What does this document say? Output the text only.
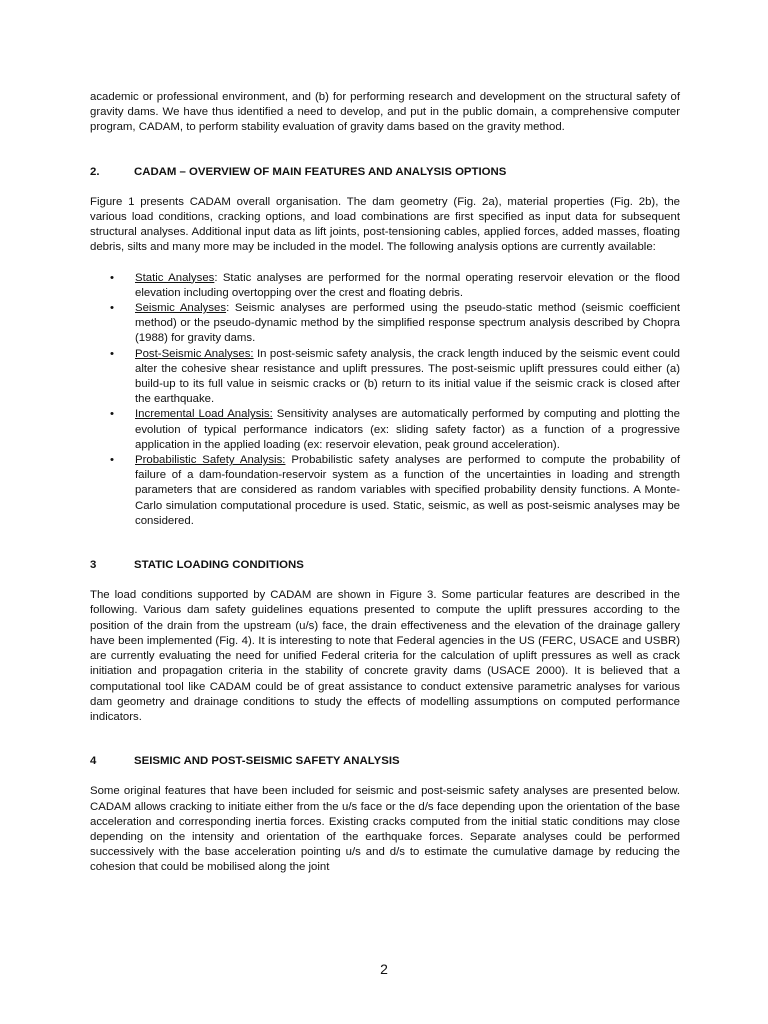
academic or professional environment, and (b) for performing research and development on the structural safety of gravity dams. We have thus identified a need to develop, and put in the public domain, a comprehensive computer program, CADAM, to perform stability evaluation of gravity dams based on the gravity method.

2.	CADAM – OVERVIEW OF MAIN FEATURES AND ANALYSIS OPTIONS

Figure 1 presents CADAM overall organisation. The dam geometry (Fig. 2a), material properties (Fig. 2b), the various load conditions, cracking options, and load combinations are first specified as input data for subsequent structural analyses. Additional input data as lift joints, post-tensioning cables, applied forces, added masses, floating debris, silts and many more may be included in the model. The following analysis options are currently available:

• Static Analyses: Static analyses are performed for the normal operating reservoir elevation or the flood elevation including overtopping over the crest and floating debris.
• Seismic Analyses: Seismic analyses are performed using the pseudo-static method (seismic coefficient method) or the pseudo-dynamic method by the simplified response spectrum analysis described by Chopra (1988) for gravity dams.
• Post-Seismic Analyses: In post-seismic safety analysis, the crack length induced by the seismic event could alter the cohesive shear resistance and uplift pressures. The post-seismic uplift pressures could either (a) build-up to its full value in seismic cracks or (b) return to its initial value if the seismic crack is closed after the earthquake.
• Incremental Load Analysis: Sensitivity analyses are automatically performed by computing and plotting the evolution of typical performance indicators (ex: sliding safety factor) as a function of a progressive application in the applied loading (ex: reservoir elevation, peak ground acceleration).
• Probabilistic Safety Analysis: Probabilistic safety analyses are performed to compute the probability of failure of a dam-foundation-reservoir system as a function of the uncertainties in loading and strength parameters that are considered as random variables with specified probability density functions. A Monte-Carlo simulation computational procedure is used. Static, seismic, as well as post-seismic analyses may be considered.
3	STATIC LOADING CONDITIONS

The load conditions supported by CADAM are shown in Figure 3. Some particular features are described in the following. Various dam safety guidelines equations presented to compute the uplift pressures according to the position of the drain from the upstream (u/s) face, the drain effectiveness and the elevation of the drainage gallery have been implemented (Fig. 4). It is interesting to note that Federal agencies in the US (FERC, USACE and USBR) are currently evaluating the need for unified Federal criteria for the calculation of uplift pressures as well as crack initiation and propagation criteria in the stability of concrete gravity dams (USACE 2000). It is believed that a computational tool like CADAM could be of great assistance to conduct extensive parametric analyses for various dam geometry and drainage conditions to study the effects of modelling assumptions on computed performance indicators.

4	SEISMIC AND POST-SEISMIC SAFETY ANALYSIS

Some original features that have been included for seismic and post-seismic safety analyses are presented below. CADAM allows cracking to initiate either from the u/s face or the d/s face depending upon the orientation of the base acceleration and corresponding inertia forces. Existing cracks computed from the initial static conditions may close depending on the intensity and orientation of the earthquake forces. Separate analyses could be performed successively with the base acceleration pointing u/s and d/s to estimate the cumulative damage by reducing the cohesion that could be mobilised along the joint

2
